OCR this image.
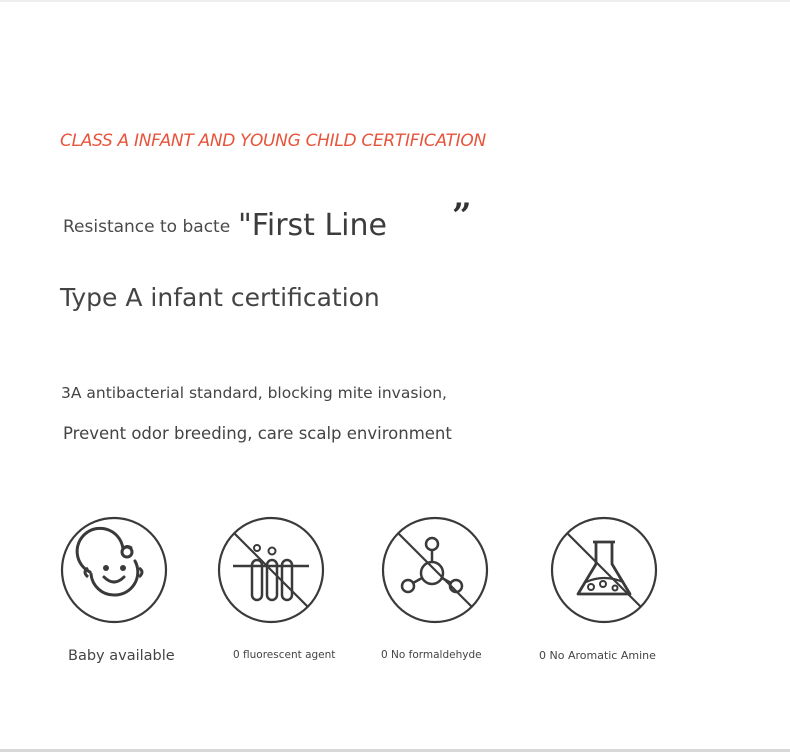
CLASS A INFANT AND YOUNG CHILD CERTIFICATION
Resistance to bacte "First Line ”
Type A infant certification
3A antibacterial standard, blocking mite invasion,
Prevent odor breeding, care scalp environment
Baby available	0 fluorescent agent	0 No formaldehyde	0 No Aromatic Amine
